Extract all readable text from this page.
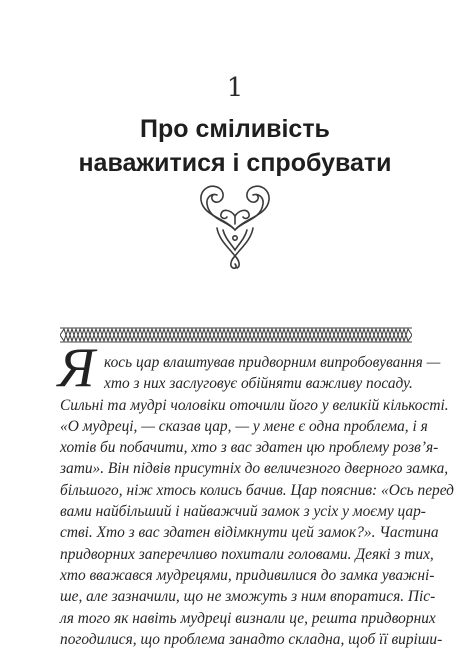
1
Про сміливість
наважитися і спробувати
Я кось цар влаштував придворним випробовування —
хто з них заслуговує обійняти важливу посаду.
Сильні та мудрі чоловіки оточили його у великій кількості.
«О мудреці, — сказав цар, — у мене є одна проблема, і я
хотів би побачити, хто з вас здатен цю проблему розв’я-
зати». Він підвів присутніх до величезного дверного замка,
більшого, ніж хтось колись бачив. Цар пояснив: «Ось перед
вами найбільший і найважчий замок з усіх у моєму цар-
стві. Хто з вас здатен відімкнути цей замок?». Частина
придворних заперечливо похитали головами. Деякі з тих,
хто вважався мудрецями, придивилися до замка уважні-
ше, але зазначили, що не зможуть з ним впоратися. Піс-
ля того як навіть мудреці визнали це, решта придворних
погодилися, що проблема занадто складна, щоб її виріши-
